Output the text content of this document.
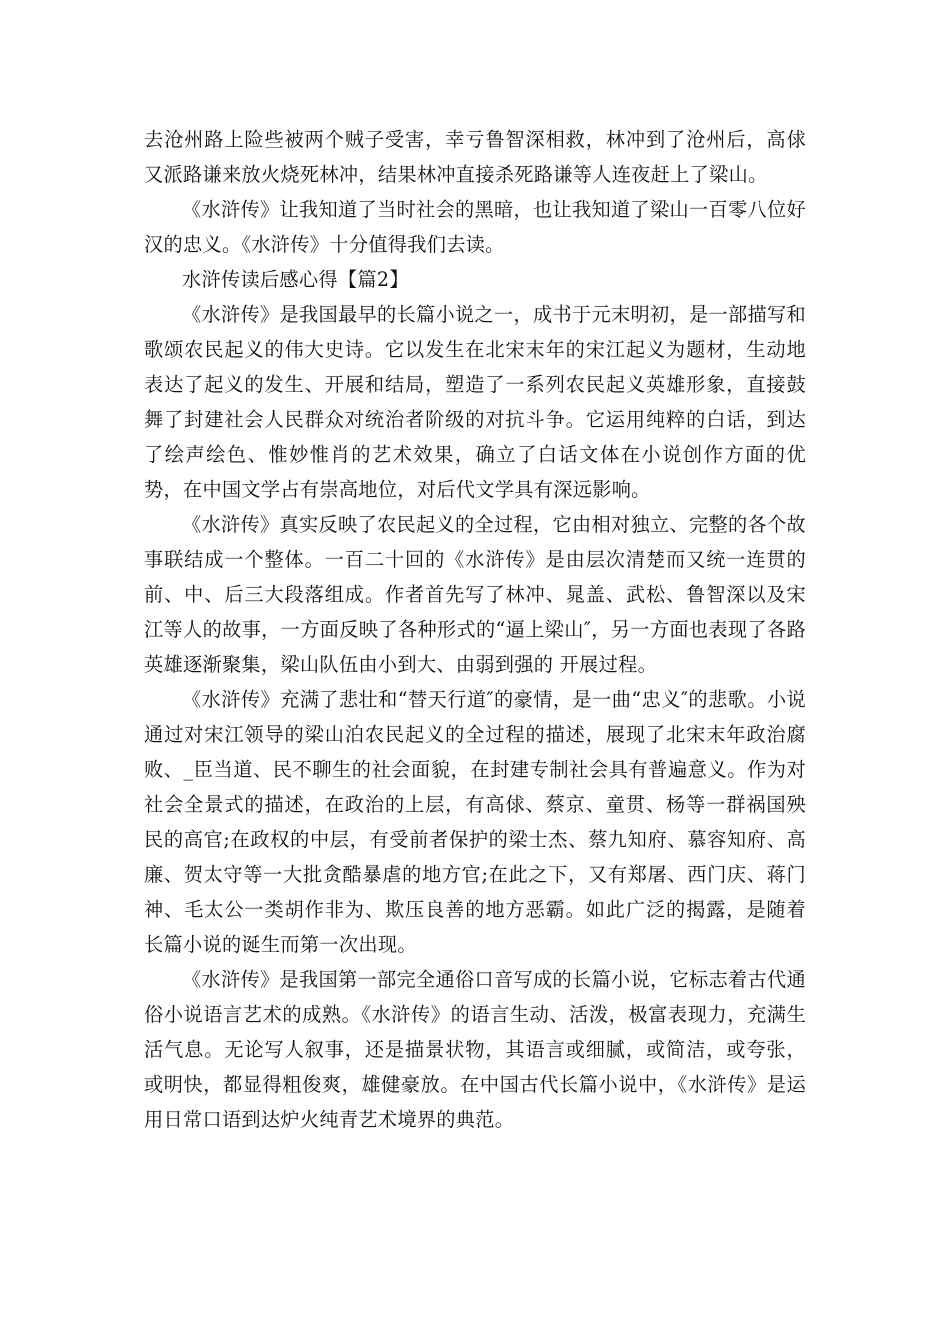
去沧州路上险些被两个贼子受害，幸亏鲁智深相救，林冲到了沧州后，高俅又派路谦来放火烧死林冲，结果林冲直接杀死路谦等人连夜赶上了梁山。

《水浒传》让我知道了当时社会的黑暗，也让我知道了梁山一百零八位好汉的忠义。《水浒传》十分值得我们去读。

水浒传读后感心得【篇2】

《水浒传》是我国最早的长篇小说之一，成书于元末明初，是一部描写和歌颂农民起义的伟大史诗。它以发生在北宋末年的宋江起义为题材，生动地表达了起义的发生、开展和结局，塑造了一系列农民起义英雄形象，直接鼓舞了封建社会人民群众对统治者阶级的对抗斗争。它运用纯粹的白话，到达了绘声绘色、惟妙惟肖的艺术效果，确立了白话文体在小说创作方面的优势，在中国文学占有崇高地位，对后代文学具有深远影响。

《水浒传》真实反映了农民起义的全过程，它由相对独立、完整的各个故事联结成一个整体。一百二十回的《水浒传》是由层次清楚而又统一连贯的前、中、后三大段落组成。作者首先写了林冲、晁盖、武松、鲁智深以及宋江等人的故事，一方面反映了各种形式的“逼上梁山″，另一方面也表现了各路英雄逐渐聚集，梁山队伍由小到大、由弱到强的 开展过程。

《水浒传》充满了悲壮和“替天行道″的豪情，是一曲“忠义″的悲歌。小说通过对宋江领导的梁山泊农民起义的全过程的描述，展现了北宋末年政治腐败、_臣当道、民不聊生的社会面貌，在封建专制社会具有普遍意义。作为对社会全景式的描述，在政治的上层，有高俅、蔡京、童贯、杨等一群祸国殃民的高官;在政权的中层，有受前者保护的梁士杰、蔡九知府、慕容知府、高廉、贺太守等一大批贪酷暴虐的地方官;在此之下，又有郑屠、西门庆、蒋门神、毛太公一类胡作非为、欺压良善的地方恶霸。如此广泛的揭露，是随着长篇小说的诞生而第一次出现。

《水浒传》是我国第一部完全通俗口音写成的长篇小说，它标志着古代通俗小说语言艺术的成熟。《水浒传》的语言生动、活泼，极富表现力，充满生活气息。无论写人叙事，还是描景状物，其语言或细腻，或简洁，或夸张，或明快，都显得粗俊爽，雄健豪放。在中国古代长篇小说中，《水浒传》是运用日常口语到达炉火纯青艺术境界的典范。
